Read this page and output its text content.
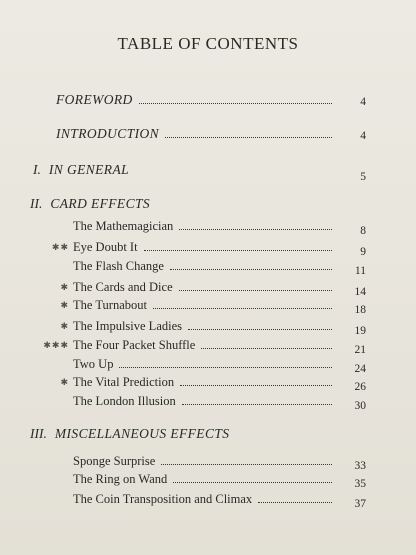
TABLE OF CONTENTS
FOREWORD	4
INTRODUCTION	4
I. IN GENERAL	5
II. CARD EFFECTS
The Mathemagician	8
Eye Doubt It	9
✱✱
The Flash Change	11
The Cards and Dice	14
✱
The Turnabout	18
✱
The Impulsive Ladies	19
✱
The Four Packet Shuffle	21
✱✱✱
Two Up	24
The Vital Prediction	26
✱
The London Illusion	30
III. MISCELLANEOUS EFFECTS
Sponge Surprise	33
The Ring on Wand	35
The Coin Transposition and Climax	37
